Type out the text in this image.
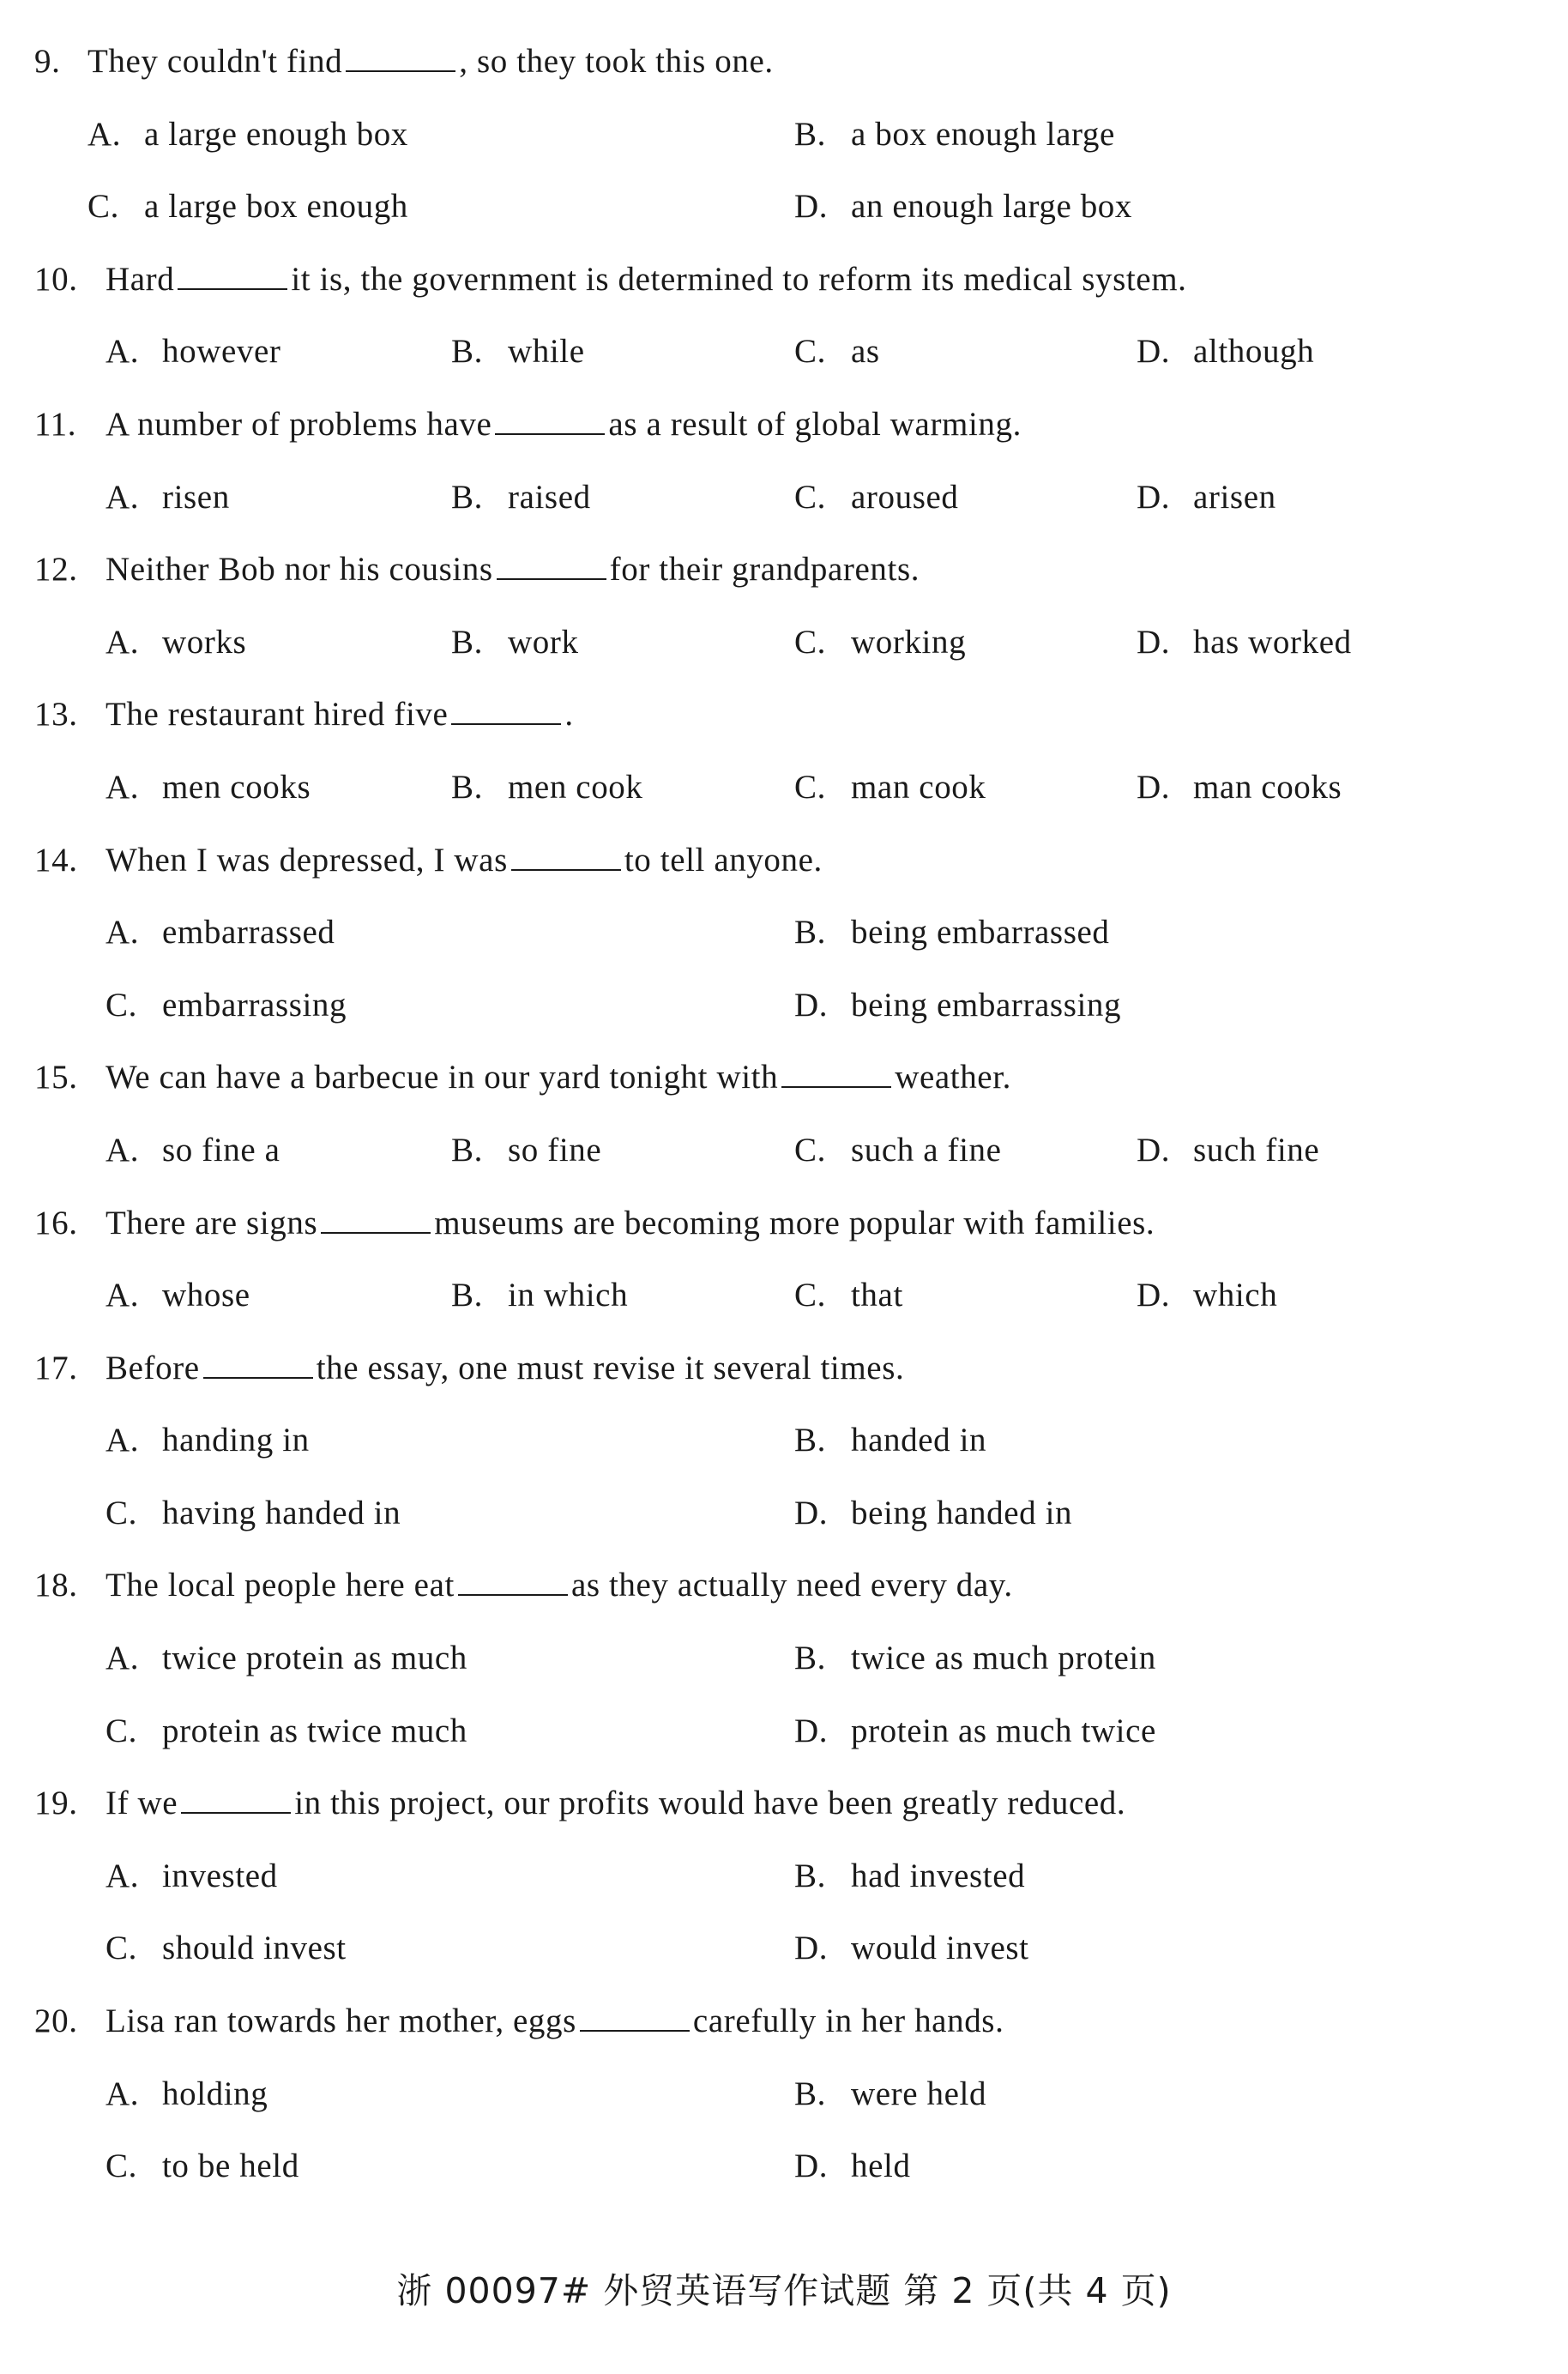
9. They couldn't find	, so they took this one.
A. a large enough box	B. a box enough large
C. a large box enough	D. an enough large box
10. Hard	it is, the government is determined to reform its medical system.
A. however	B. while	C. as	D. although
11. A number of problems have	as a result of global warming.
A. risen	B. raised	C. aroused	D. arisen
12. Neither Bob nor his cousins	for their grandparents.
A. works	B. work	C. working	D. has worked
13. The restaurant hired five	.
A. men cooks	B. men cook	C. man cook	D. man cooks
14. When I was depressed, I was	to tell anyone.
A. embarrassed	B. being embarrassed
C. embarrassing	D. being embarrassing
15. We can have a barbecue in our yard tonight with	weather.
A. so fine a	B. so fine	C. such a fine	D. such fine
16. There are signs	museums are becoming more popular with families.
A. whose	B. in which	C. that	D. which
17. Before	the essay, one must revise it several times.
A. handing in	B. handed in
C. having handed in	D. being handed in
18. The local people here eat	as they actually need every day.
A. twice protein as much	B. twice as much protein
C. protein as twice much	D. protein as much twice
19. If we	in this project, our profits would have been greatly reduced.
A. invested	B. had invested
C. should invest	D. would invest
20. Lisa ran towards her mother, eggs	carefully in her hands.
A. holding	B. were held
C. to be held	D. held
浙 00097# 外贸英语写作试题 第 2 页(共 4 页)
